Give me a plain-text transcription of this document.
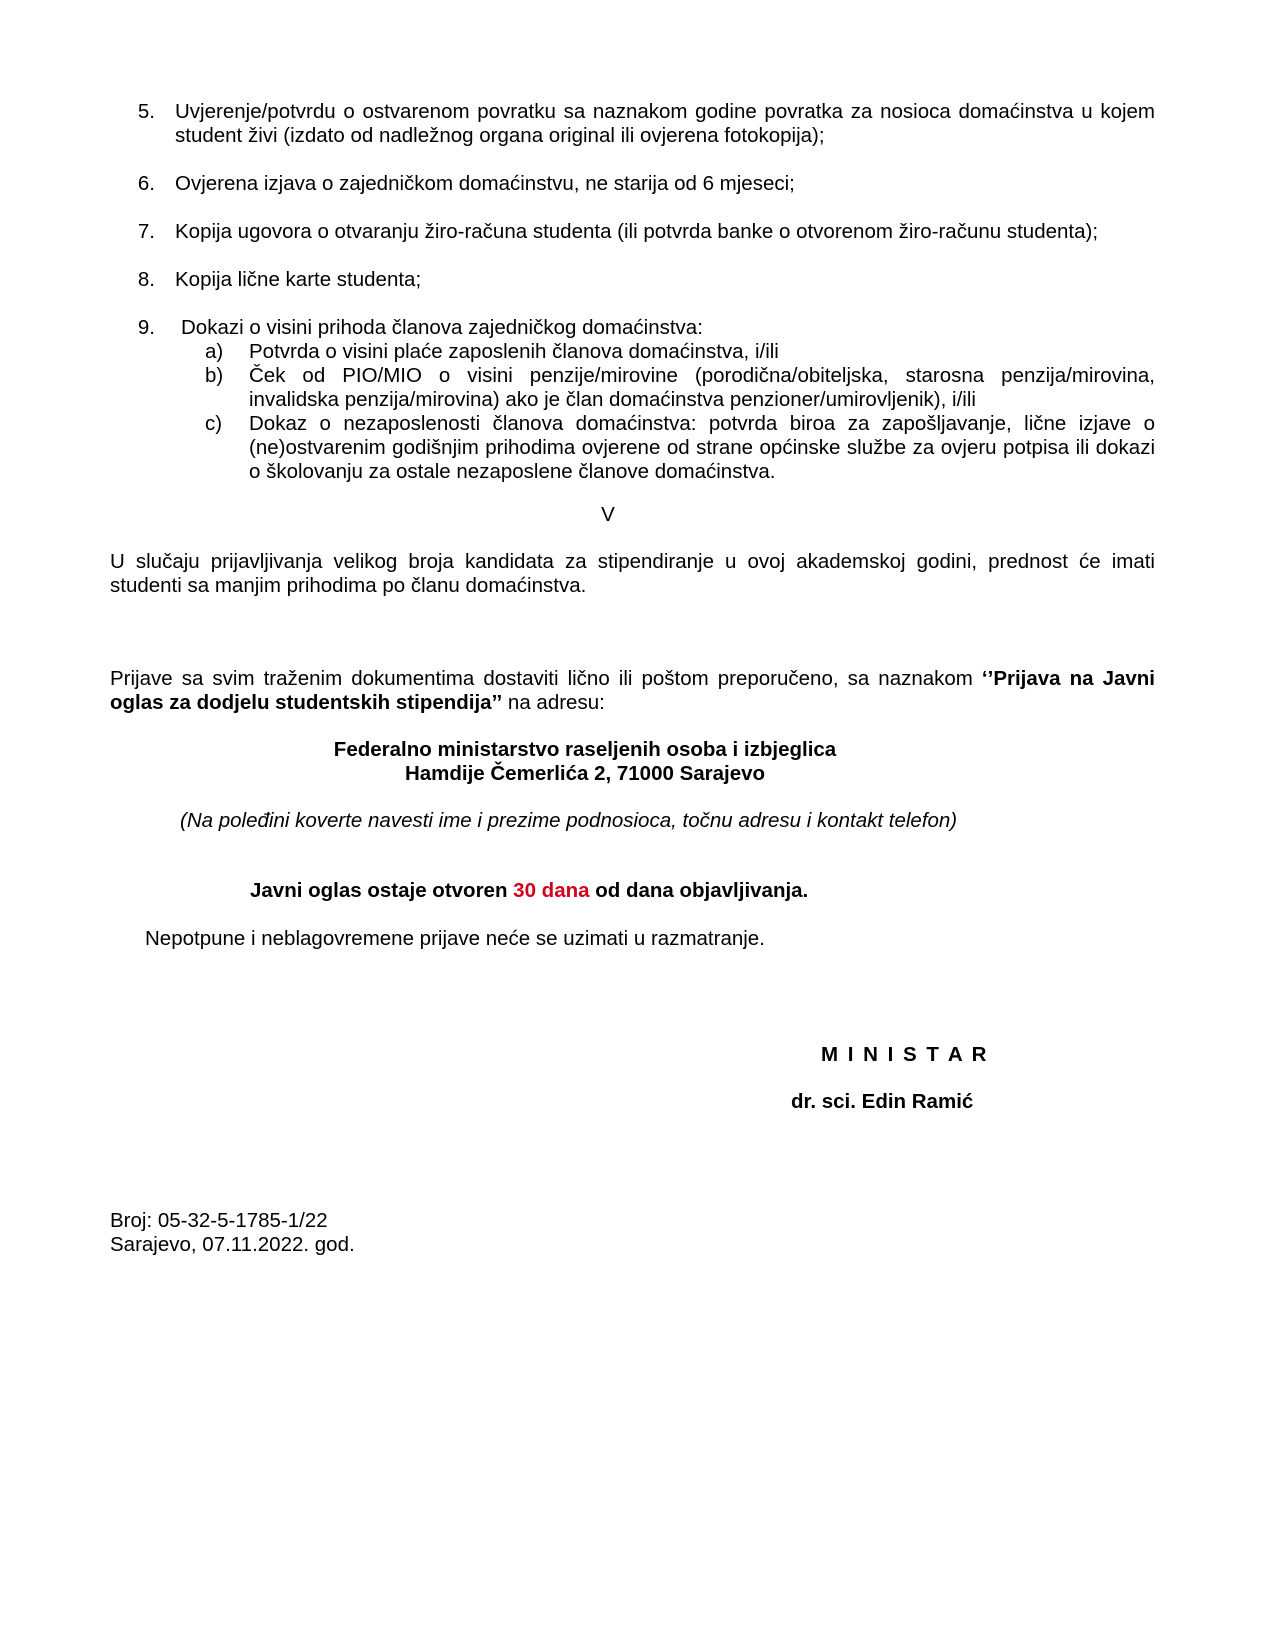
5. Uvjerenje/potvrdu o ostvarenom povratku sa naznakom godine povratka za nosioca domaćinstva u kojem student živi (izdato od nadležnog organa original ili ovjerena fotokopija);
6. Ovjerena izjava o zajedničkom domaćinstvu, ne starija od 6 mjeseci;
7. Kopija ugovora o otvaranju žiro-računa studenta (ili potvrda banke o otvorenom žiro-računu studenta);
8. Kopija lične karte studenta;
9. Dokazi o visini prihoda članova zajedničkog domaćinstva:
a) Potvrda o visini plaće zaposlenih članova domaćinstva, i/ili
b) Ček od PIO/MIO o visini penzije/mirovine (porodična/obiteljska, starosna penzija/mirovina, invalidska penzija/mirovina) ako je član domaćinstva penzioner/umirovljenik), i/ili
c) Dokaz o nezaposlenosti članova domaćinstva: potvrda biroa za zapošljavanje, lične izjave o (ne)ostvarenim godišnjim prihodima ovjerene od strane općinske službe za ovjeru potpisa ili dokazi o školovanju za ostale nezaposlene članove domaćinstva.
V
U slučaju prijavljivanja velikog broja kandidata za stipendiranje u ovoj akademskoj godini, prednost će imati studenti sa manjim prihodima po članu domaćinstva.
Prijave sa svim traženim dokumentima dostaviti lično ili poštom preporučeno, sa naznakom ‘’Prijava na Javni oglas za dodjelu studentskih stipendija’’ na adresu:
Federalno ministarstvo raseljenih osoba i izbjeglica
Hamdije Čemerlića 2, 71000 Sarajevo
(Na poleđini koverte navesti ime i prezime podnosioca, točnu adresu i kontakt telefon)
Javni oglas ostaje otvoren 30 dana od dana objavljivanja.
Nepotpune i neblagovremene prijave neće se uzimati u razmatranje.
M I N I S T A R
dr. sci. Edin Ramić
Broj: 05-32-5-1785-1/22
Sarajevo, 07.11.2022. god.
